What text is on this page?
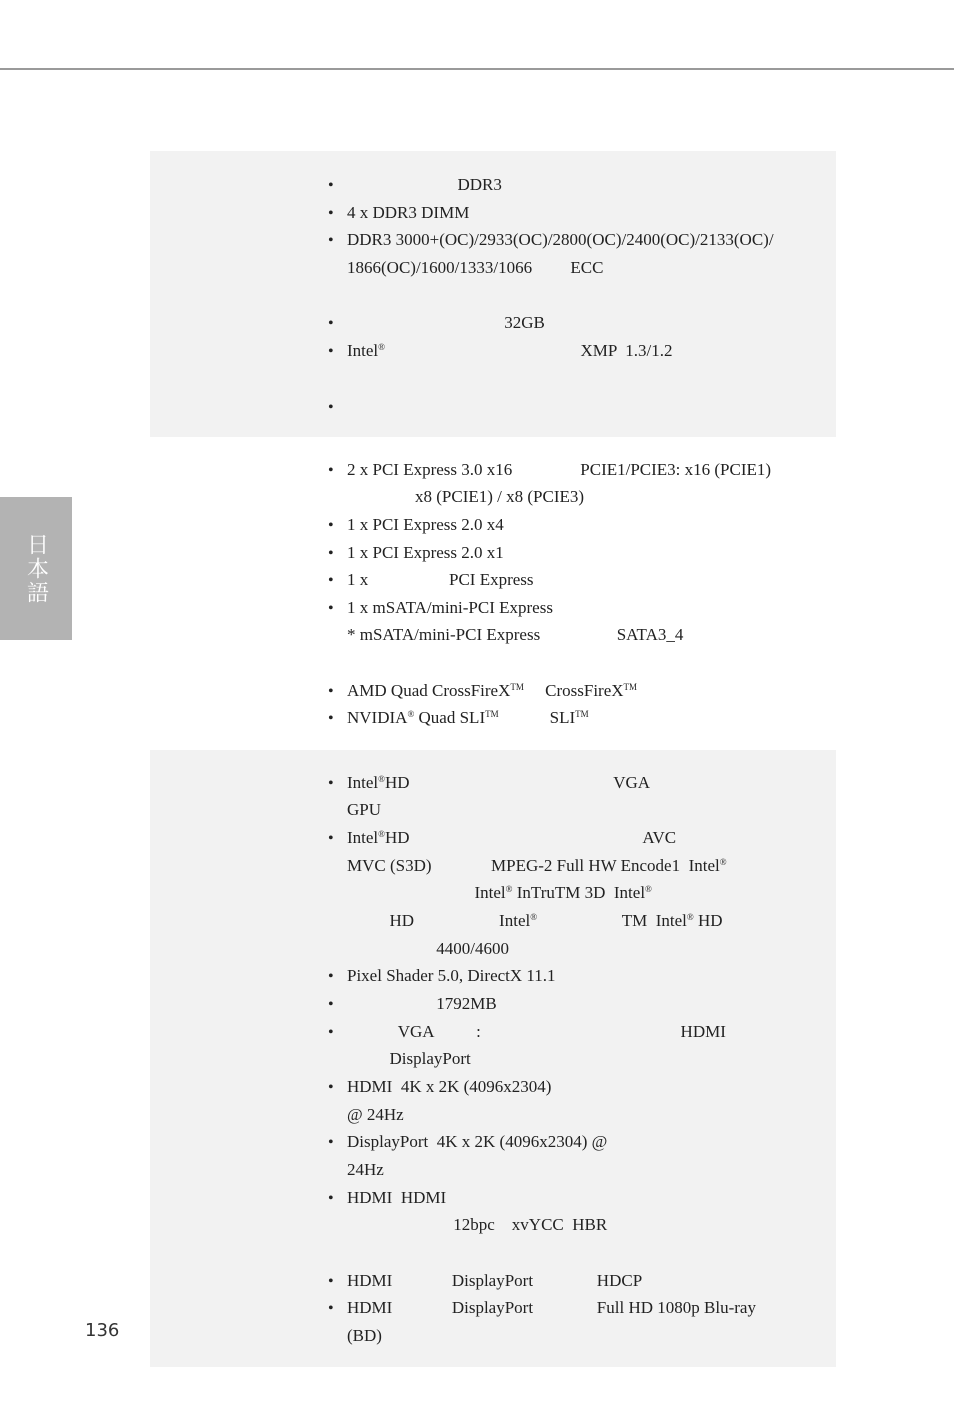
日本語
136
• DDR3
• 4 x DDR3 DIMM
• DDR3 3000+(OC)/2933(OC)/2800(OC)/2400(OC)/2133(OC)/
1866(OC)/1600/1333/1066         ECC
• 32GB
• Intel®                                              XMP  1.3/1.2
•
• 2 x PCI Express 3.0 x16                PCIE1/PCIE3: x16 (PCIE1)
x8 (PCIE1) / x8 (PCIE3)
• 1 x PCI Express 2.0 x4
• 1 x PCI Express 2.0 x1
• 1 x                   PCI Express
• 1 x mSATA/mini-PCI Express
* mSATA/mini-PCI Express                  SATA3_4
• AMD Quad CrossFireX™     CrossFireX™
• NVIDIA® Quad SLI™            SLI™
• Intel®HD                                                VGA
GPU
• Intel®HD                                                       AVC
MVC (S3D)              MPEG-2 Full HW Encode1  Intel®
Intel® InTruTM 3D  Intel®
HD                    Intel®                    TM  Intel® HD
4400/4600
• Pixel Shader 5.0, DirectX 11.1
• 1792MB
• VGA          :                                               HDMI
DisplayPort
• HDMI  4K x 2K (4096x2304)
@ 24Hz
• DisplayPort  4K x 2K (4096x2304) @
24Hz
• HDMI  HDMI
12bpc    xvYCC  HBR
• HDMI              DisplayPort               HDCP
• HDMI              DisplayPort               Full HD 1080p Blu-ray
(BD)
